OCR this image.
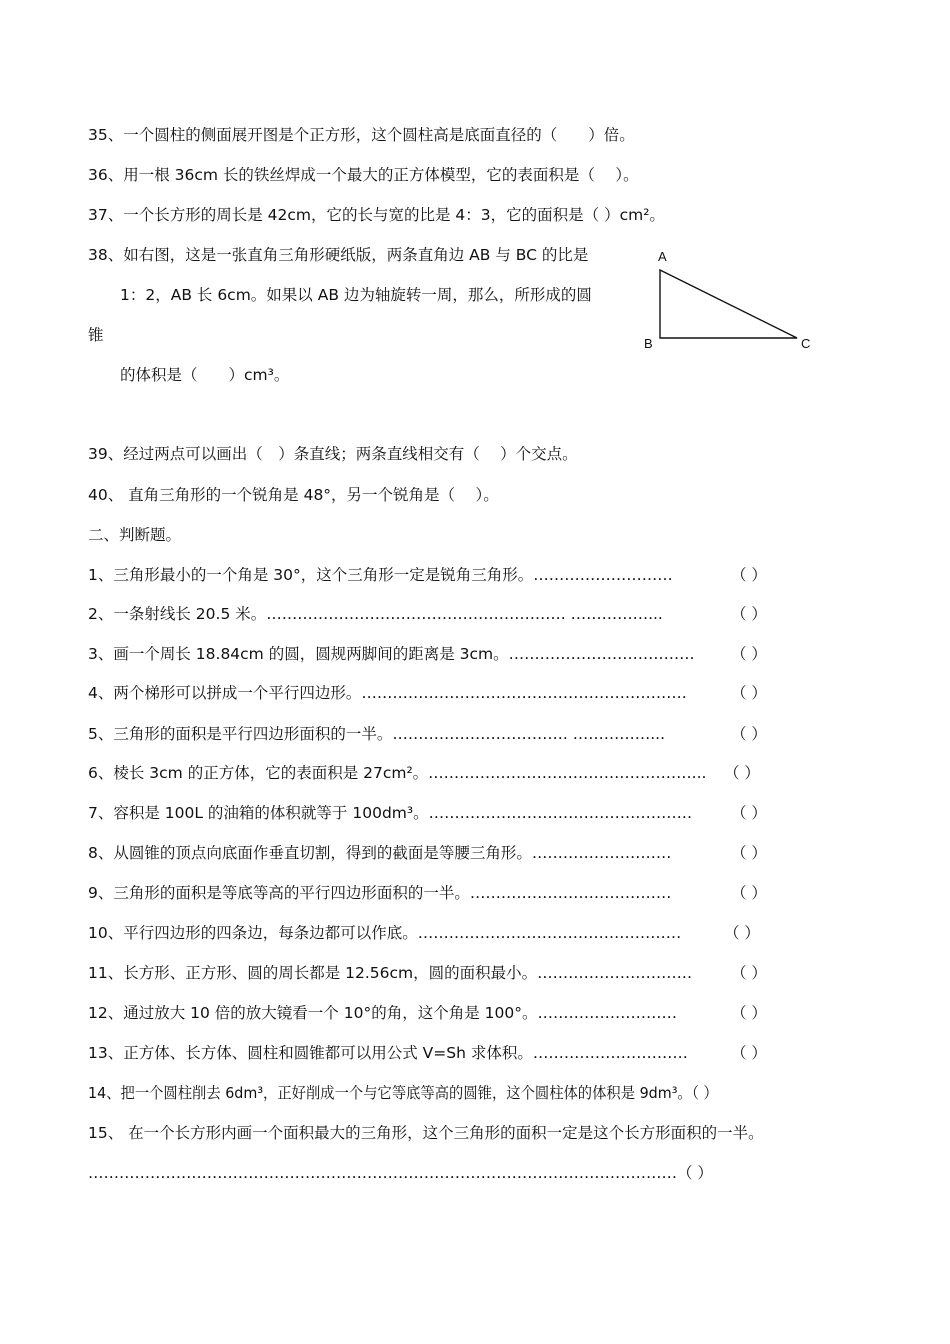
35、一个圆柱的侧面展开图是个正方形，这个圆柱高是底面直径的（　　）倍。
36、用一根 36cm 长的铁丝焊成一个最大的正方体模型，它的表面积是（　 ）。
37、一个长方形的周长是 42cm，它的长与宽的比是 4：3，它的面积是（ ）cm²。
38、如右图，这是一张直角三角形硬纸版，两条直角边 AB 与 BC 的比是
1：2，AB 长 6cm。如果以 AB 边为轴旋转一周，那么，所形成的圆
锥
的体积是（　　）cm³。
A
B	C
39、经过两点可以画出（　）条直线；两条直线相交有（　 ）个交点。
40、 直角三角形的一个锐角是 48°，另一个锐角是（　 ）。
二、判断题。
1、三角形最小的一个角是 30°，这个三角形一定是锐角三角形。………………………	（ ）
2、一条射线长 20.5 米。…………………………………………………. ……………...	（ ）
3、画一个周长 18.84cm 的圆，圆规两脚间的距离是 3cm。……………………………… （ ）
4、两个梯形可以拼成一个平行四边形。………………………………………………………	（ ）
5、三角形的面积是平行四边形面积的一半。……………………………. ……………...	（ ）
6、棱长 3cm 的正方体，它的表面积是 27cm²。……………………………………………... （ ）
7、容积是 100L 的油箱的体积就等于 100dm³。……………………………………………	（ ）
8、从圆锥的顶点向底面作垂直切割，得到的截面是等腰三角形。………………………	（ ）
9、三角形的面积是等底等高的平行四边形面积的一半。…………………………………	（ ）
10、平行四边形的四条边，每条边都可以作底。……………………………………………	（ ）
11、长方形、正方形、圆的周长都是 12.56cm，圆的面积最小。…………………………	（ ）
12、通过放大 10 倍的放大镜看一个 10°的角，这个角是 100°。………………………	（ ）
13、正方体、长方体、圆柱和圆锥都可以用公式 V=Sh 求体积。…………………………	（ ）
14、把一个圆柱削去 6dm³，正好削成一个与它等底等高的圆锥，这个圆柱体的体积是 9dm³。（ ）
15、 在一个长方形内画一个面积最大的三角形，这个三角形的面积一定是这个长方形面积的一半。
……………………………………………………………………………………………………（ ）
